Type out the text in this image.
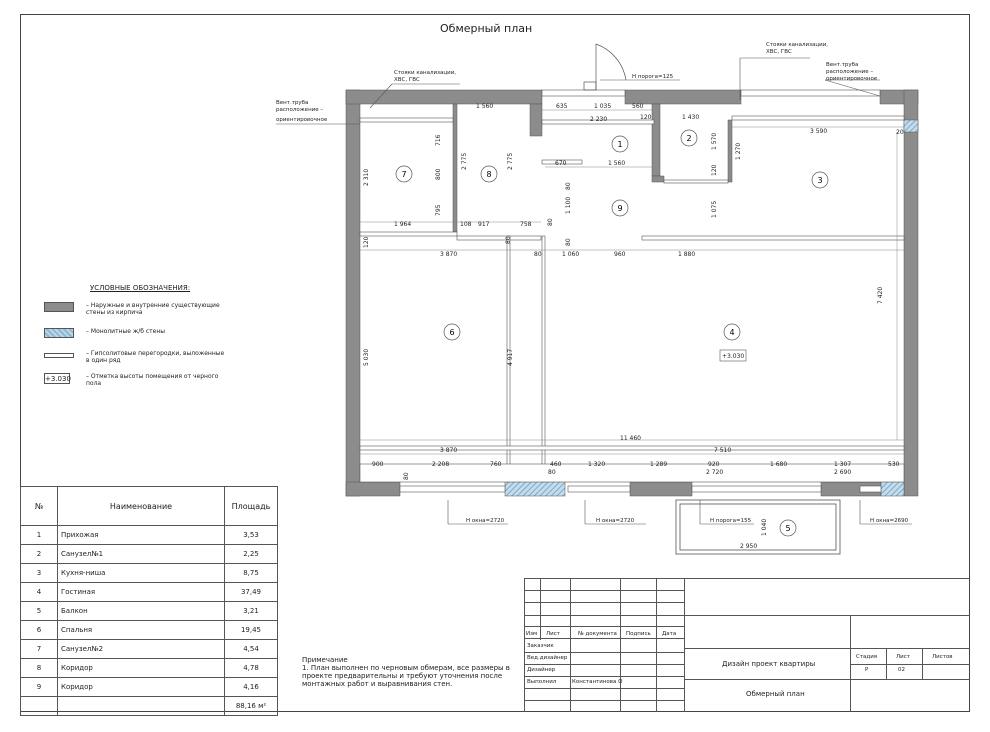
Обмерный план
1
2
3
4
5
6
7	8
9
+3.030
Стояки канализации,
ХВС, ГВС
Вент.труба
расположение –
ориентировочное
Стояки канализации,
ХВС, ГВС
Вент.труба
расположение –
ориентировочное
Н порога=125
Н порога=155
Н окна=2720	Н окна=2720	Н окна=2690
1 560	635	1 035	560
2 230	120	1 430
3 590	20
1 570
1 270
120
670	1 560
80
1 100
80
1 075
2 310
716
800
795
2 775	2 775
1 964	108 917	758
80	80
120
3 870	80	1 060	960	1 880
5 030	4 917
7 420
3 870
11 460
7 510
900	2 208	760	460	1 320	1 289	920	1 680	1 307	530
80	80	2 720	2 690
1 040
2 950
УСЛОВНЫЕ ОБОЗНАЧЕНИЯ:
– Наружные и внутренние существующие
стены из кирпича
– Монолитные ж/б стены
– Гипсолитовые перегородки, выложенные
в один ряд
+3.030	– Отметка высоты помещения от черного
пола
№	Наименование	Площадь
1	Прихожая	3,53
2	Санузел№1	2,25
3	Кухня-ниша	8,75
4	Гостиная	37,49
5	Балкон	3,21
6	Спальня	19,45
7	Санузел№2	4,54
8	Коридор	4,78
9	Коридор	4,16
		88,16 м²
Примечание
1. План выполнен по черновым обмерам, все размеры в проекте предварительны и требуют уточнения после монтажных работ и выравнивания стен.
Изм Лист	№ документа Подпись Дата
Заказчик
Вед.дизайнер
Дизайнер
Выполнил	Константинова О
Дизайн проект квартиры
Обмерный план
Стадия
Р
Лист
02
Листов
